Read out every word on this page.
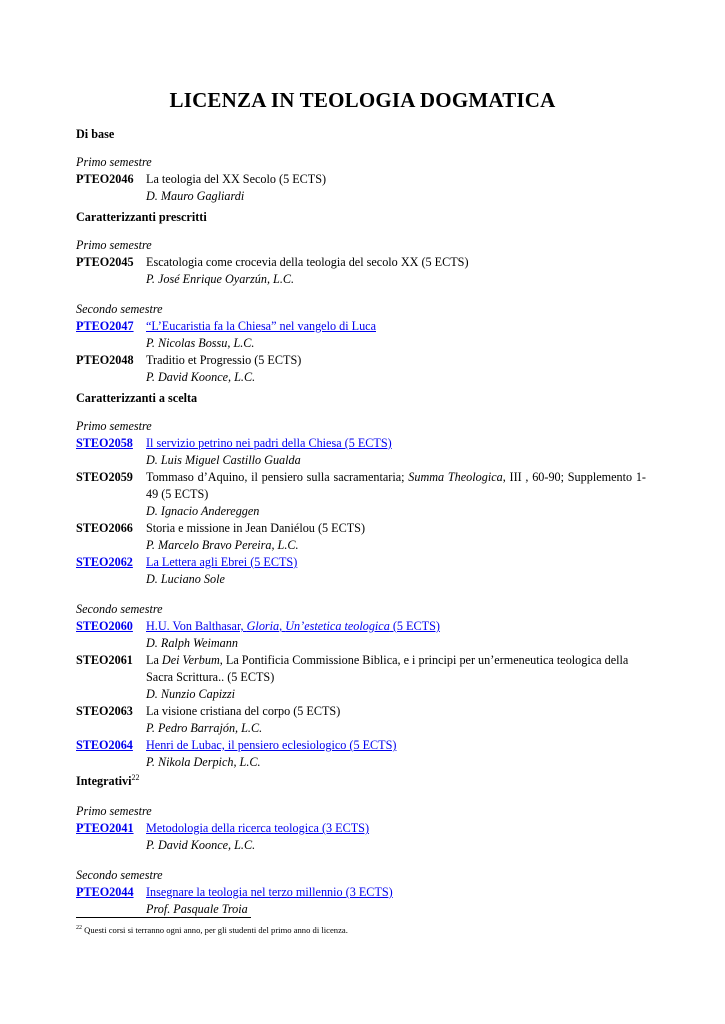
LICENZA IN TEOLOGIA DOGMATICA
Di base
Primo semestre
PTEO2046	La teologia del XX Secolo (5 ECTS)
D. Mauro Gagliardi
Caratterizzanti prescritti
Primo semestre
PTEO2045	Escatologia come crocevia della teologia del secolo XX (5 ECTS)
P. José Enrique Oyarzún, L.C.
Secondo semestre
PTEO2047	“L’Eucaristia fa la Chiesa” nel vangelo di Luca
P. Nicolas Bossu, L.C.
PTEO2048	Traditio et Progressio (5 ECTS)
P. David Koonce, L.C.
Caratterizzanti a scelta
Primo semestre
STEO2058	Il servizio petrino nei padri della Chiesa (5 ECTS)
D. Luis Miguel Castillo Gualda
STEO2059	Tommaso d’Aquino, il pensiero sulla sacramentaria; Summa Theologica, III , 60-90; Supplemento 1-49 (5 ECTS)
D. Ignacio Andereggen
STEO2066	Storia e missione in Jean Daniélou (5 ECTS)
P. Marcelo Bravo Pereira, L.C.
STEO2062	La Lettera agli Ebrei (5 ECTS)
D. Luciano Sole
Secondo semestre
STEO2060	H.U. Von Balthasar, Gloria, Un’estetica teologica (5 ECTS)
D. Ralph Weimann
STEO2061	La Dei Verbum, La Pontificia Commissione Biblica, e i principi per un’ermeneutica teologica della Sacra Scrittura.. (5 ECTS)
D. Nunzio Capizzi
STEO2063	La visione cristiana del corpo (5 ECTS)
P. Pedro Barrajón, L.C.
STEO2064	Henri de Lubac, il pensiero eclesiologico (5 ECTS)
P. Nikola Derpich, L.C.
Integrativi$^{22}$
Primo semestre
PTEO2041	Metodologia della ricerca teologica (3 ECTS)
P. David Koonce, L.C.
Secondo semestre
PTEO2044	Insegnare la teologia nel terzo millennio (3 ECTS)
Prof. Pasquale Troia
$^{22}$ Questi corsi si terranno ogni anno, per gli studenti del primo anno di licenza.
